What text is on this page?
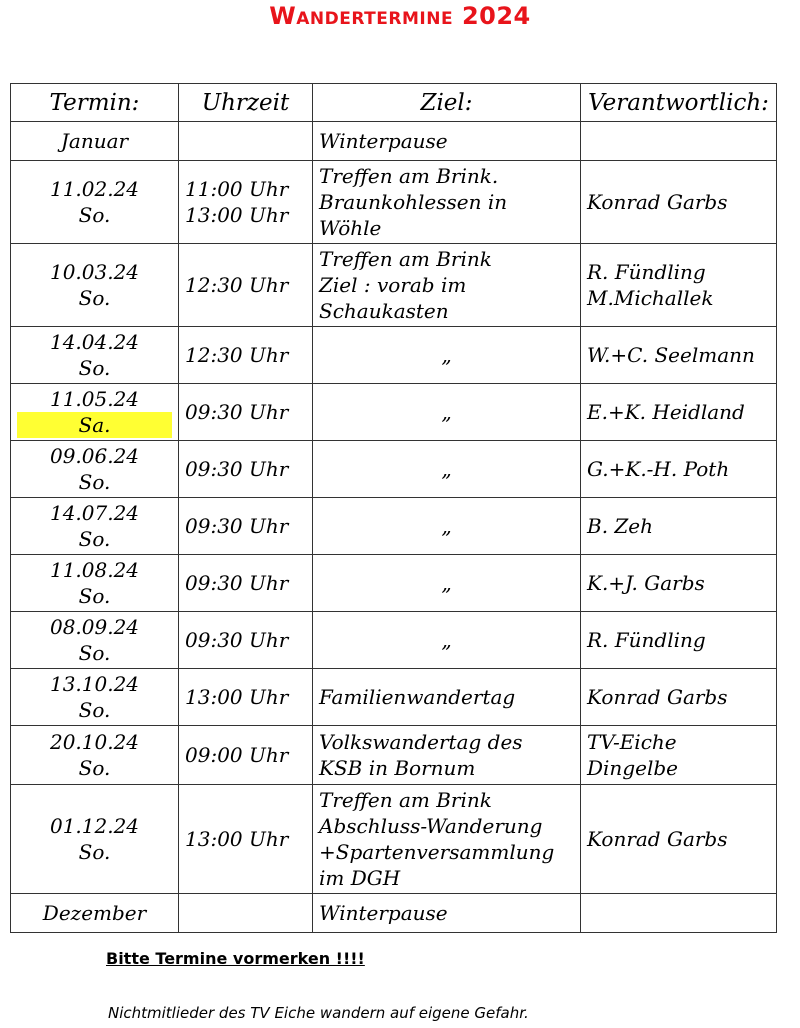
Wandertermine 2024
Termin:	Uhrzeit	Ziel:	Verantwortlich:

Januar		Winterpause	

11.02.24
So.	11:00 Uhr
13:00 Uhr	Treffen am Brink.
Braunkohlessen in
Wöhle	Konrad Garbs

10.03.24
So.	12:30 Uhr	Treffen am Brink
Ziel : vorab im
Schaukasten	R. Fündling
M.Michallek

14.04.24
So.	12:30 Uhr	„	W.+C. Seelmann

11.05.24
Sa.	09:30 Uhr	„	E.+K. Heidland

09.06.24
So.	09:30 Uhr	„	G.+K.-H. Poth

14.07.24
So.	09:30 Uhr	„	B. Zeh

11.08.24
So.	09:30 Uhr	„	K.+J. Garbs

08.09.24
So.	09:30 Uhr	„	R. Fündling

13.10.24
So.	13:00 Uhr	Familienwandertag	Konrad Garbs

20.10.24
So.	09:00 Uhr	Volkswandertag des
KSB in Bornum	TV-Eiche
Dingelbe

01.12.24
So.	13:00 Uhr	Treffen am Brink
Abschluss-Wanderung
+Spartenversammlung
im DGH	Konrad Garbs

Dezember		Winterpause	

Bitte Termine vormerken !!!!
Nichtmitlieder des TV Eiche wandern auf eigene Gefahr.
